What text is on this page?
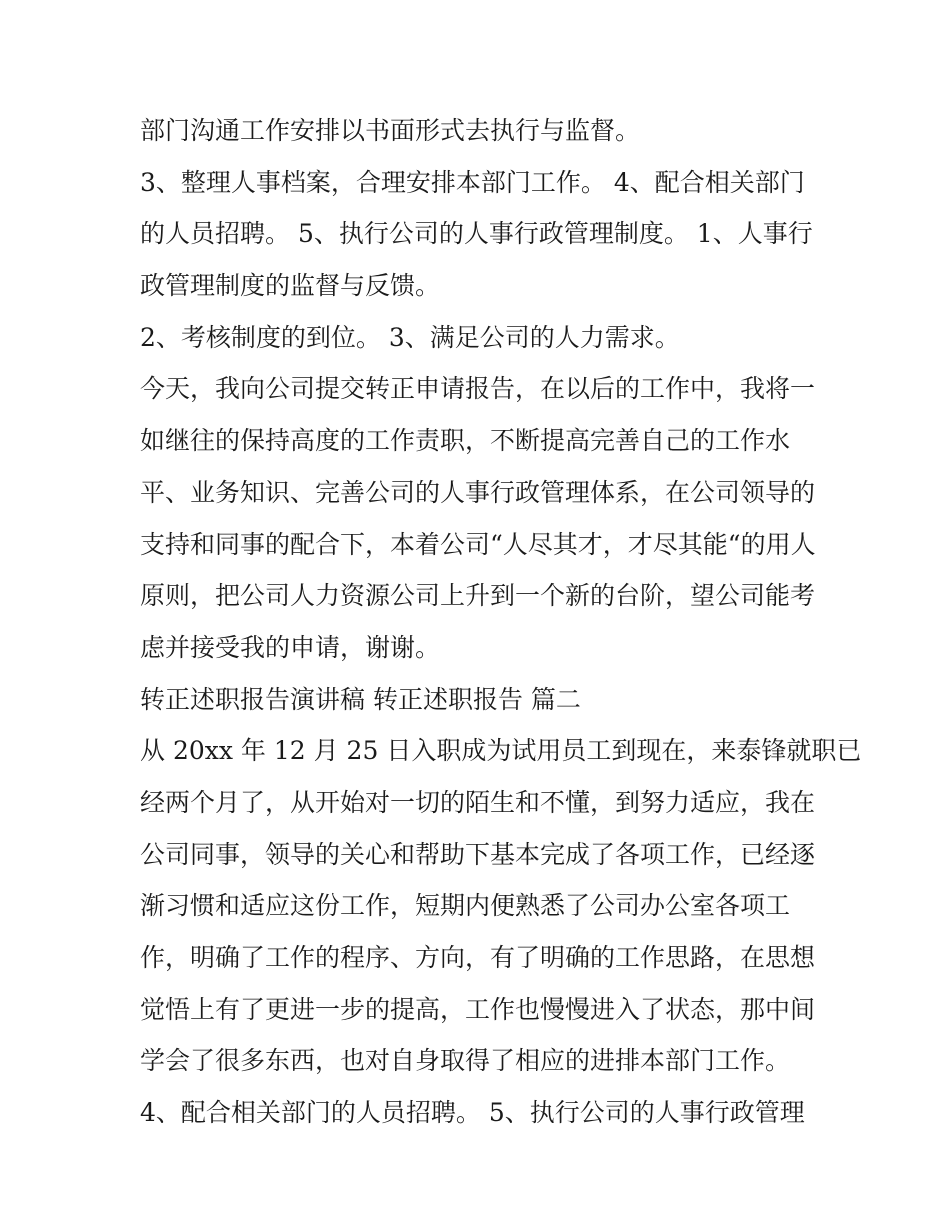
部门沟通工作安排以书面形式去执行与监督。
3、整理人事档案，合理安排本部门工作。 4、配合相关部门
的人员招聘。 5、执行公司的人事行政管理制度。 1、人事行
政管理制度的监督与反馈。
2、考核制度的到位。 3、满足公司的人力需求。
今天，我向公司提交转正申请报告，在以后的工作中，我将一
如继往的保持高度的工作责职，不断提高完善自己的工作水
平、业务知识、完善公司的人事行政管理体系，在公司领导的
支持和同事的配合下，本着公司“人尽其才，才尽其能“的用人
原则，把公司人力资源公司上升到一个新的台阶，望公司能考
虑并接受我的申请，谢谢。
转正述职报告演讲稿 转正述职报告 篇二
从 20xx 年 12 月 25 日入职成为试用员工到现在，来泰锋就职已
经两个月了，从开始对一切的陌生和不懂，到努力适应，我在
公司同事，领导的关心和帮助下基本完成了各项工作，已经逐
渐习惯和适应这份工作，短期内便熟悉了公司办公室各项工
作，明确了工作的程序、方向，有了明确的工作思路，在思想
觉悟上有了更进一步的提高，工作也慢慢进入了状态，那中间
学会了很多东西，也对自身取得了相应的进排本部门工作。
4、配合相关部门的人员招聘。 5、执行公司的人事行政管理
